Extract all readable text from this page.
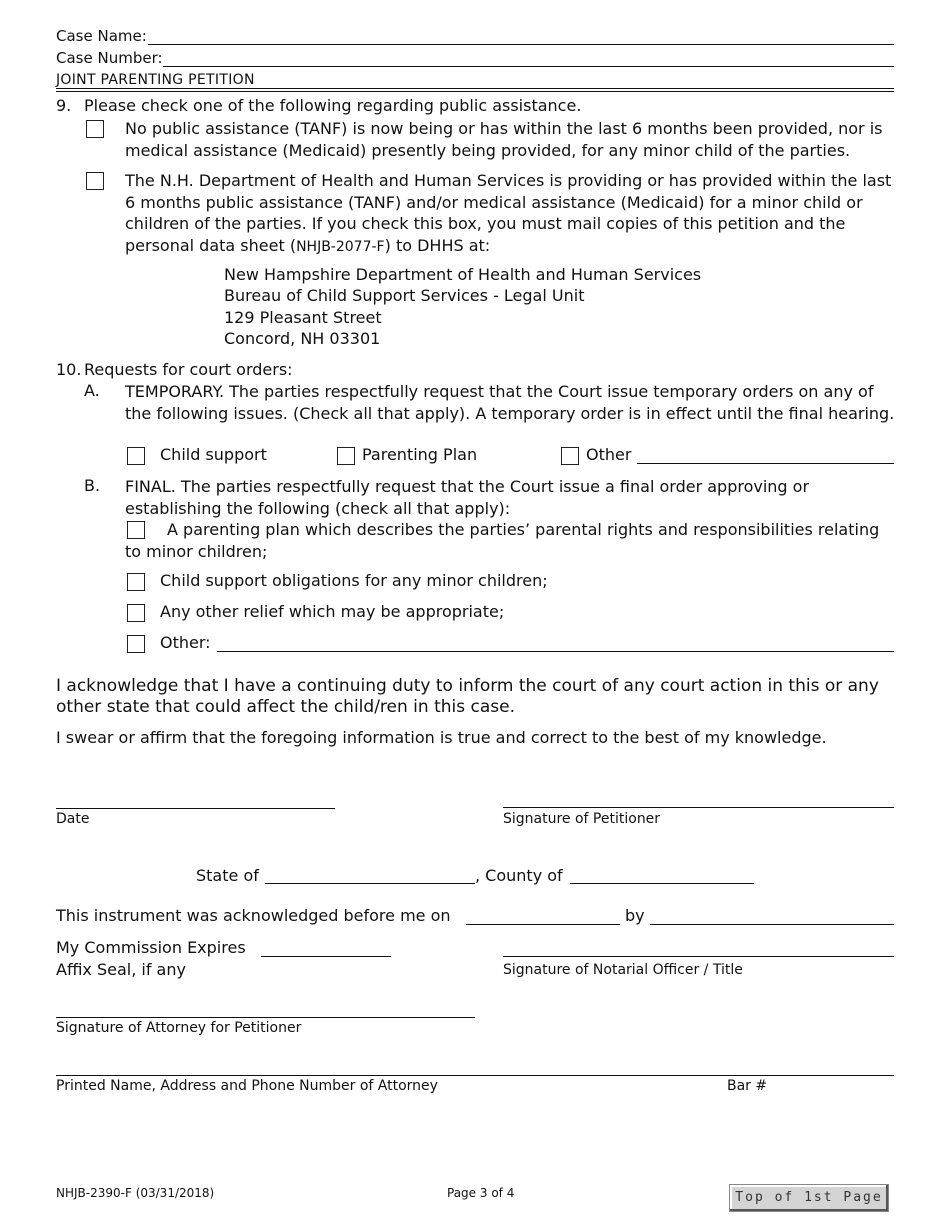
Case Name:
Case Number:
JOINT PARENTING PETITION
9. Please check one of the following regarding public assistance.
No public assistance (TANF) is now being or has within the last 6 months been provided, nor is medical assistance (Medicaid) presently being provided, for any minor child of the parties.
The N.H. Department of Health and Human Services is providing or has provided within the last 6 months public assistance (TANF) and/or medical assistance (Medicaid) for a minor child or children of the parties. If you check this box, you must mail copies of this petition and the personal data sheet (NHJB-2077-F) to DHHS at:
New Hampshire Department of Health and Human Services
Bureau of Child Support Services - Legal Unit
129 Pleasant Street
Concord, NH 03301
10. Requests for court orders:
A. TEMPORARY. The parties respectfully request that the Court issue temporary orders on any of the following issues. (Check all that apply). A temporary order is in effect until the final hearing.
Child support	Parenting Plan	Other
B. FINAL. The parties respectfully request that the Court issue a final order approving or establishing the following (check all that apply):
A parenting plan which describes the parties’ parental rights and responsibilities relating to minor children;
Child support obligations for any minor children;
Any other relief which may be appropriate;
Other:
I acknowledge that I have a continuing duty to inform the court of any court action in this or any other state that could affect the child/ren in this case.
I swear or affirm that the foregoing information is true and correct to the best of my knowledge.
Date	Signature of Petitioner
State of	, County of
This instrument was acknowledged before me on	by
My Commission Expires
Affix Seal, if any	Signature of Notarial Officer / Title
Signature of Attorney for Petitioner
Printed Name, Address and Phone Number of Attorney	Bar #
NHJB-2390-F (03/31/2018)	Page 3 of 4	Top of 1st Page
